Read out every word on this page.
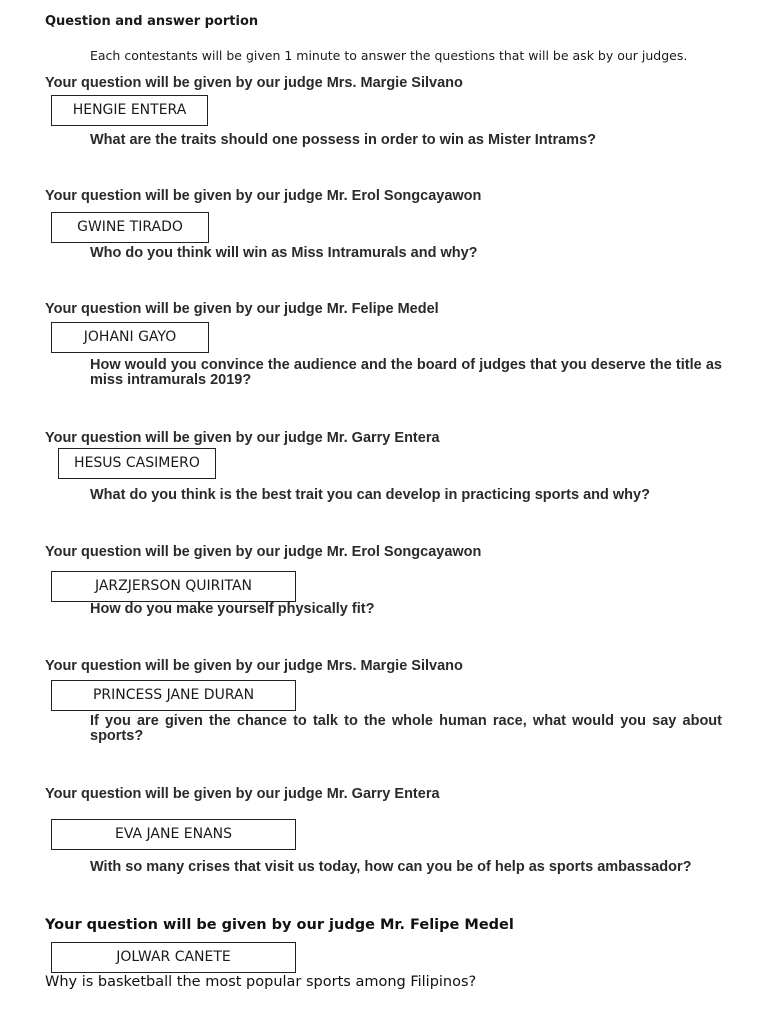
Question and answer portion
Each contestants will be given 1 minute to answer the questions that will be ask by our judges.
Your question will be given by our judge Mrs. Margie Silvano
HENGIE ENTERA
What are the traits should one possess in order to win as Mister Intrams?
Your question will be given by our judge Mr. Erol Songcayawon
GWINE TIRADO
Who do you think will win as Miss Intramurals and why?
Your question will be given by our judge Mr. Felipe Medel
JOHANI GAYO
How would you convince the audience and the board of judges that you deserve the title as miss intramurals 2019?
Your question will be given by our judge Mr. Garry Entera
HESUS CASIMERO
What do you think is the best trait you can develop in practicing sports and why?
Your question will be given by our judge Mr. Erol Songcayawon
JARZJERSON QUIRITAN
How do you make yourself physically fit?
Your question will be given by our judge Mrs. Margie Silvano
PRINCESS JANE DURAN
If you are given the chance to talk to the whole human race, what would you say about sports?
Your question will be given by our judge Mr. Garry Entera
EVA JANE ENANS
With so many crises that visit us today, how can you be of help as sports ambassador?
Your question will be given by our judge Mr. Felipe Medel
JOLWAR CANETE
Why is basketball the most popular sports among Filipinos?
